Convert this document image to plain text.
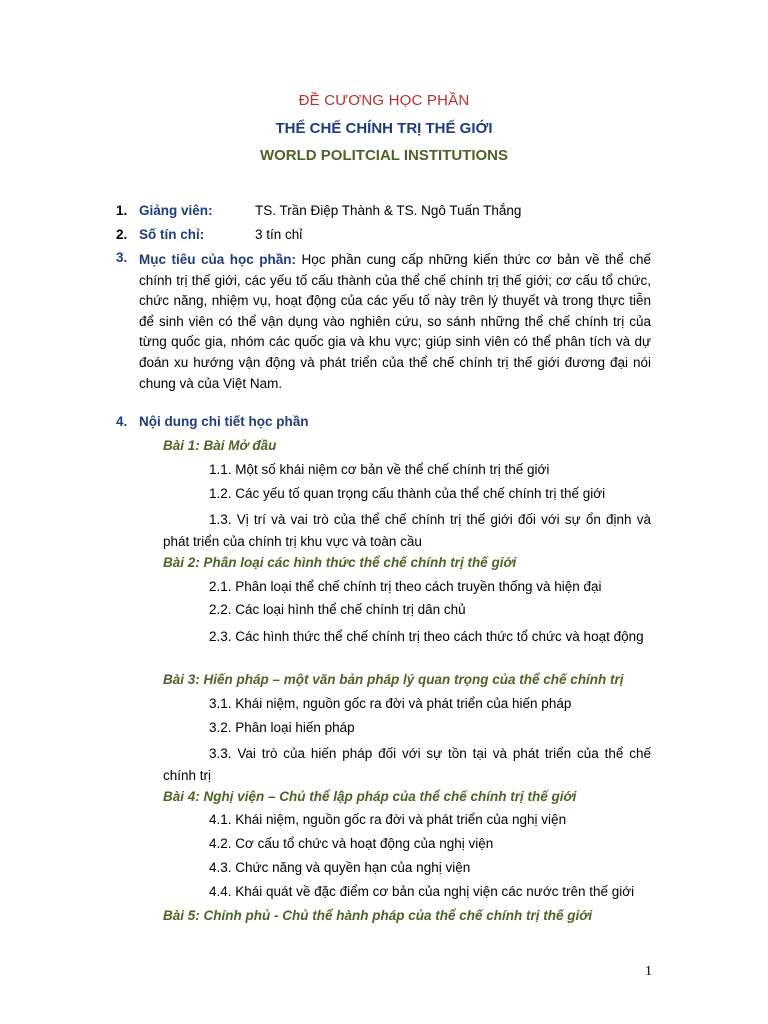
ĐỀ CƯƠNG HỌC PHẦN
THỂ CHẾ CHÍNH TRỊ THẾ GIỚI
WORLD POLITCIAL INSTITUTIONS
1. Giảng viên:	TS. Trần Điệp Thành & TS. Ngô Tuấn Thắng
2. Số tín chỉ:	3 tín chỉ
3. Mục tiêu của học phần: Học phần cung cấp những kiến thức cơ bản về thể chế chính trị thế giới, các yếu tố cấu thành của thể chế chính trị thế giới; cơ cấu tổ chức, chức năng, nhiệm vụ, hoạt động của các yếu tố này trên lý thuyết và trong thực tiễn để sinh viên có thể vận dụng vào nghiên cứu, so sánh những thể chế chính trị của từng quốc gia, nhóm các quốc gia và khu vực; giúp sinh viên có thể phân tích và dự đoán xu hướng vận động và phát triển của thể chế chính trị thế giới đương đại nói chung và của Việt Nam.

4. Nội dung chi tiết học phần
Bài 1: Bài Mở đầu
1.1. Một số khái niệm cơ bản về thể chế chính trị thế giới
1.2. Các yếu tố quan trọng cấu thành của thể chế chính trị thế giới

1.3. Vị trí và vai trò của thể chế chính trị thế giới đối với sự ổn định và phát triển của chính trị khu vực và toàn cầu

Bài 2: Phân loại các hình thức thể chế chính trị thế giới
2.1. Phân loại thể chế chính trị theo cách truyền thống và hiện đại
2.2. Các loại hình thể chế chính trị dân chủ

2.3. Các hình thức thể chế chính trị theo cách thức tổ chức và hoạt động

Bài 3: Hiến pháp – một văn bản pháp lý quan trọng của thể chế chính trị
3.1. Khái niệm, nguồn gốc ra đời và phát triển của hiến pháp
3.2. Phân loại hiến pháp

3.3. Vai trò của hiến pháp đối với sự tồn tại và phát triển của thể chế chính trị

Bài 4: Nghị viện – Chủ thể lập pháp của thể chế chính trị thế giới
4.1. Khái niệm, nguồn gốc ra đời và phát triển của nghị viện
4.2. Cơ cấu tổ chức và hoạt động của nghị viện
4.3. Chức năng và quyền hạn của nghị viện
4.4. Khái quát về đặc điểm cơ bản của nghị viện các nước trên thế giới
Bài 5: Chính phủ - Chủ thể hành pháp của thể chế chính trị thế giới
1
